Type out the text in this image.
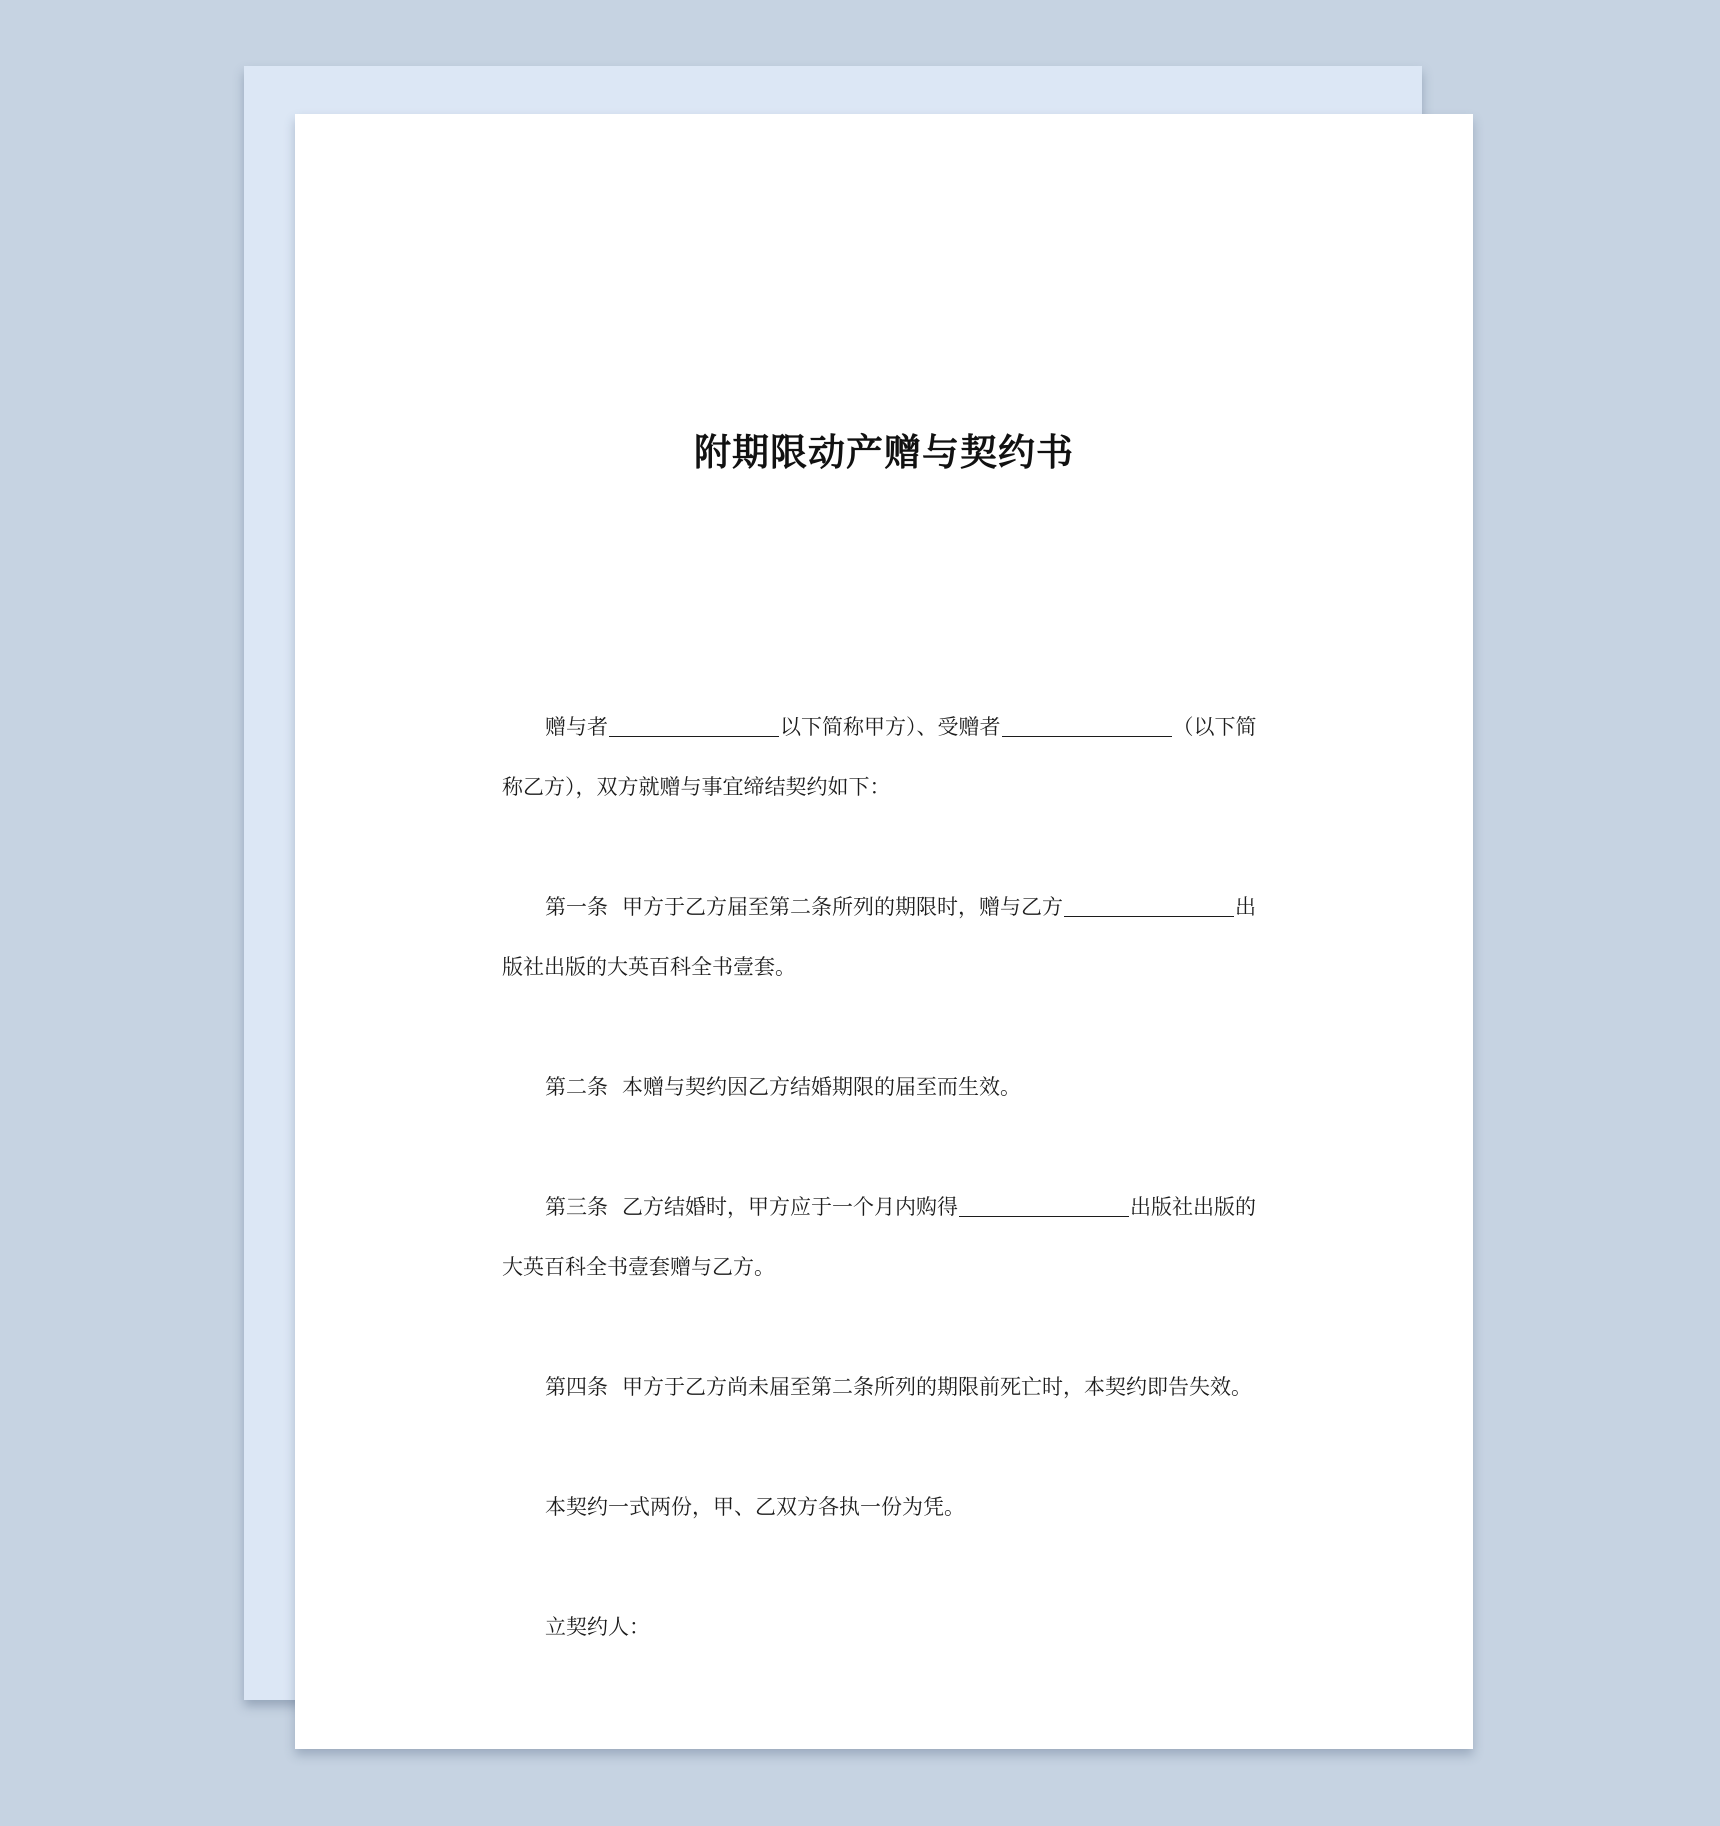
附期限动产赠与契约书
赠与者	以下简称甲方）、受赠者	（以下简
称乙方），双方就赠与事宜缔结契约如下：
第一条 甲方于乙方届至第二条所列的期限时，赠与乙方	出
版社出版的大英百科全书壹套。
第二条 本赠与契约因乙方结婚期限的届至而生效。
第三条 乙方结婚时，甲方应于一个月内购得	出版社出版的
大英百科全书壹套赠与乙方。
第四条 甲方于乙方尚未届至第二条所列的期限前死亡时，本契约即告失效。
本契约一式两份，甲、乙双方各执一份为凭。
立契约人：
